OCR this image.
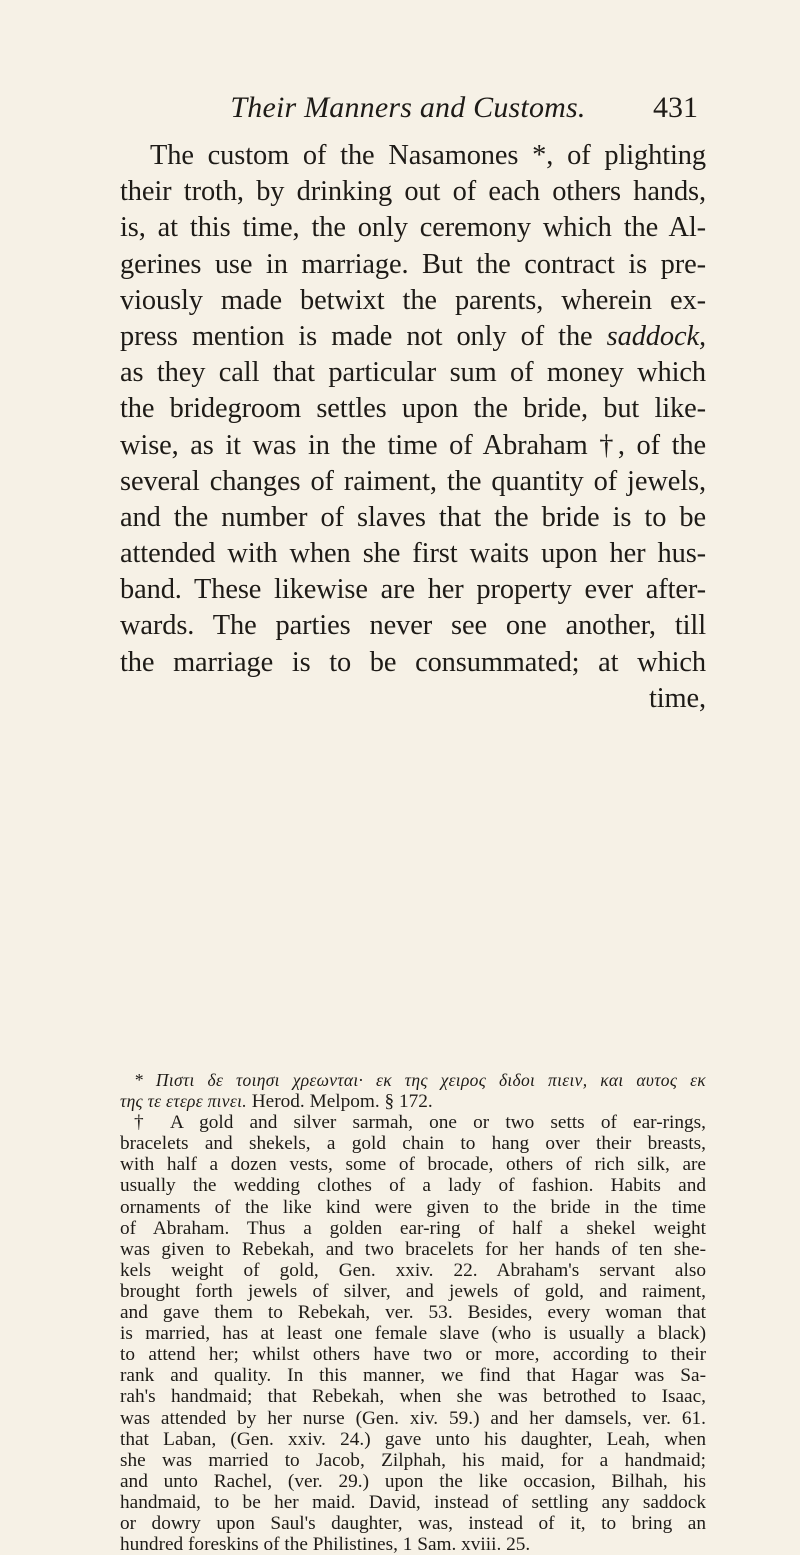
Their Manners and Customs.	431
The custom of the Nasamones *, of plighting
their troth, by drinking out of each others hands,
is, at this time, the only ceremony which the Al-
gerines use in marriage. But the contract is pre-
viously made betwixt the parents, wherein ex-
press mention is made not only of the saddock,
as they call that particular sum of money which
the bridegroom settles upon the bride, but like-
wise, as it was in the time of Abraham †, of the
several changes of raiment, the quantity of jewels,
and the number of slaves that the bride is to be
attended with when she first waits upon her hus-
band. These likewise are her property ever after-
wards. The parties never see one another, till
the marriage is to be consummated; at which
time,
* Πιστι δε τοιησι χρεωνται· εκ της χειρος διδοι πιειν, και αυτος εκ
της τε ετερε πινει. Herod. Melpom. § 172.
† A gold and silver sarmah, one or two setts of ear-rings,
bracelets and shekels, a gold chain to hang over their breasts,
with half a dozen vests, some of brocade, others of rich silk, are
usually the wedding clothes of a lady of fashion. Habits and
ornaments of the like kind were given to the bride in the time
of Abraham. Thus a golden ear-ring of half a shekel weight
was given to Rebekah, and two bracelets for her hands of ten she-
kels weight of gold, Gen. xxiv. 22. Abraham's servant also
brought forth jewels of silver, and jewels of gold, and raiment,
and gave them to Rebekah, ver. 53. Besides, every woman that
is married, has at least one female slave (who is usually a black)
to attend her; whilst others have two or more, according to their
rank and quality. In this manner, we find that Hagar was Sa-
rah's handmaid; that Rebekah, when she was betrothed to Isaac,
was attended by her nurse (Gen. xiv. 59.) and her damsels, ver. 61.
that Laban, (Gen. xxiv. 24.) gave unto his daughter, Leah, when
she was married to Jacob, Zilphah, his maid, for a handmaid;
and unto Rachel, (ver. 29.) upon the like occasion, Bilhah, his
handmaid, to be her maid. David, instead of settling any saddock
or dowry upon Saul's daughter, was, instead of it, to bring an
hundred foreskins of the Philistines, 1 Sam. xviii. 25.
